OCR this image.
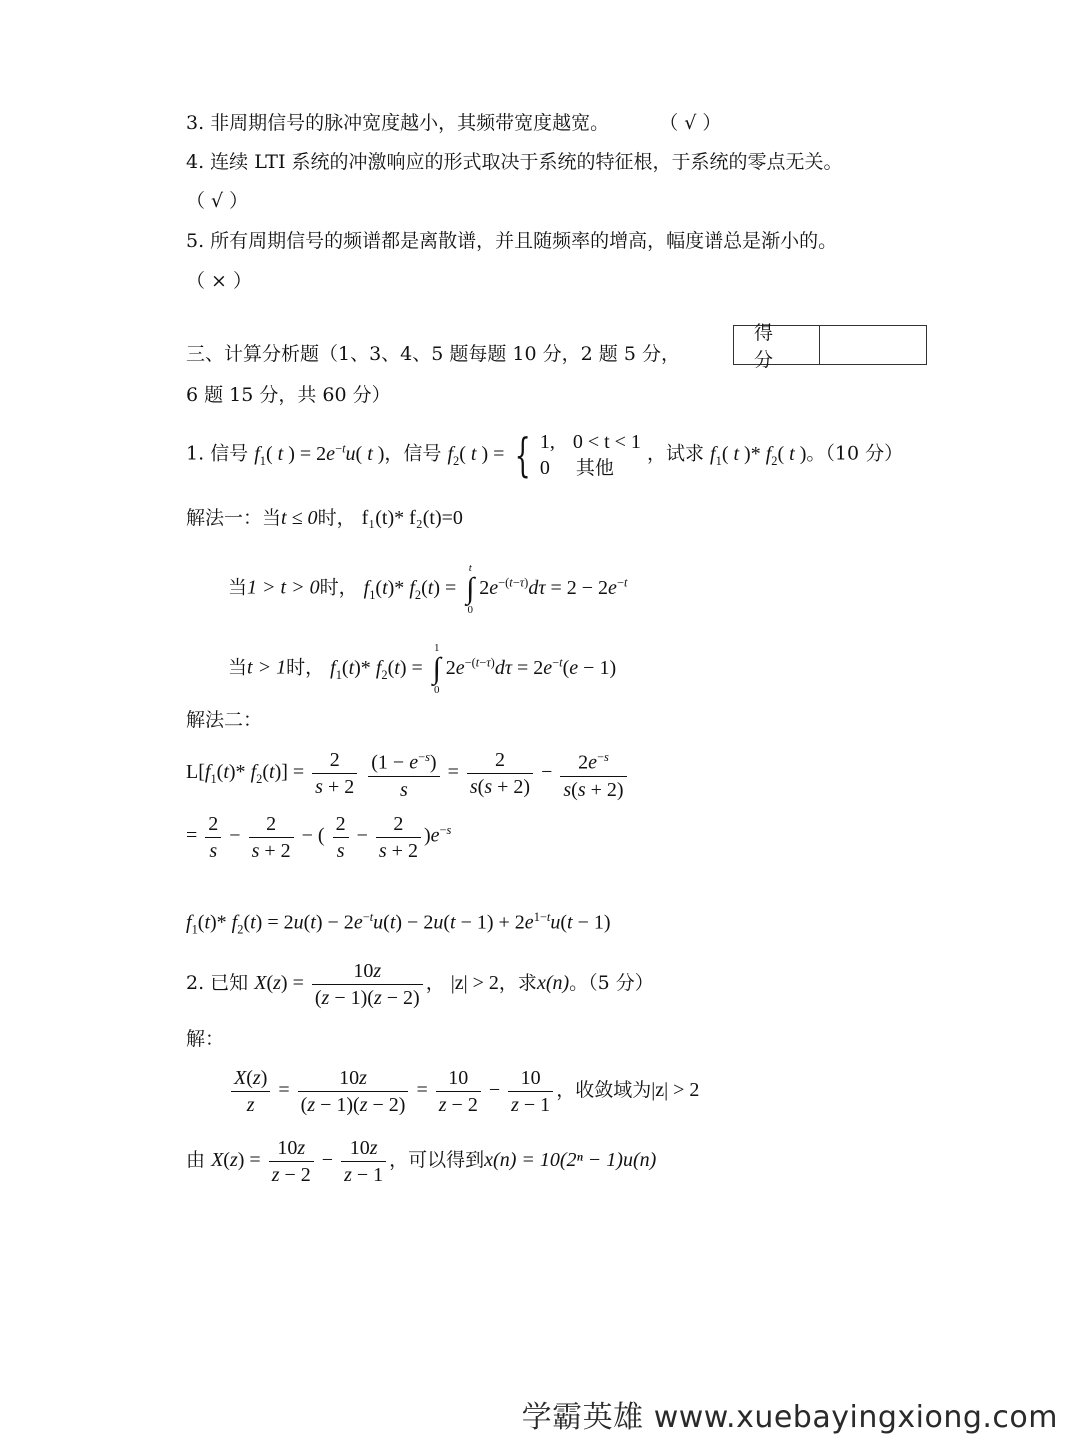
3. 非周期信号的脉冲宽度越小，其频带宽度越宽。	（ √ ）
4. 连续 LTI 系统的冲激响应的形式取决于系统的特征根，于系统的零点无关。
（ √ ）
5. 所有周期信号的频谱都是离散谱，并且随频率的增高，幅度谱总是渐小的。
（ × ）
三、计算分析题（1、3、4、5 题每题 10 分，2 题 5 分，
6 题 15 分，共 60 分）
得分
1. 信号 $f_1$( t ) = $2e^{-t}u$( t )，信号 $f_2$( t ) = { 1, 0 < t < 1
0 其他
，试求 $f_1$( t )* $f_2$( t )。（10 分）
解法一：当t ≤ 0时， f₁(t)* f₂(t)=0
当1 > t > 0时， $f_1(t)*$ $f_2(t)$ =
t
∫
0
$2e^{-(t-\tau)}d\tau = 2 - 2e^{-t}$
当t > 1时， $f_1(t)*$ $f_2(t)$ =
1
∫
0
$2e^{-(t-\tau)}d\tau = 2e^{-t}(e - 1)$
解法二：
$L[f_1(t)*$ $f_2(t)] = \frac{2}{s + 2}$
$\frac{(1 - e^{-s})}{s} = \frac{2}{s(s + 2)} - \frac{2e^{-s}}{s(s + 2)}$
= $\frac{2}{s} - \frac{2}{s + 2}$ − ( $\frac{2}{s} - \frac{2}{s + 2} )e^{-s}$
$f_1(t)*$ $f_2(t) = 2u(t) - 2e^{-t}u(t) - 2u(t - 1) + 2e^{1-t}u(t - 1)$
2. 已知 $X(z) = \frac{10z}{(z - 1)(z - 2)}$ ， |z| > 2，求x(n)。（5 分）
解：
$\frac{X(z)}{z} = \frac{10z}{(z - 1)(z - 2)} = \frac{10}{z - 2} - \frac{10}{z - 1}$ ，收敛域为|z| > 2
由 $X(z) = \frac{10z}{z - 2} - \frac{10z}{z - 1}$ ，可以得到x(n) = 10(2ⁿ − 1)u(n)
学霸英雄 www.xuebayingxiong.com
